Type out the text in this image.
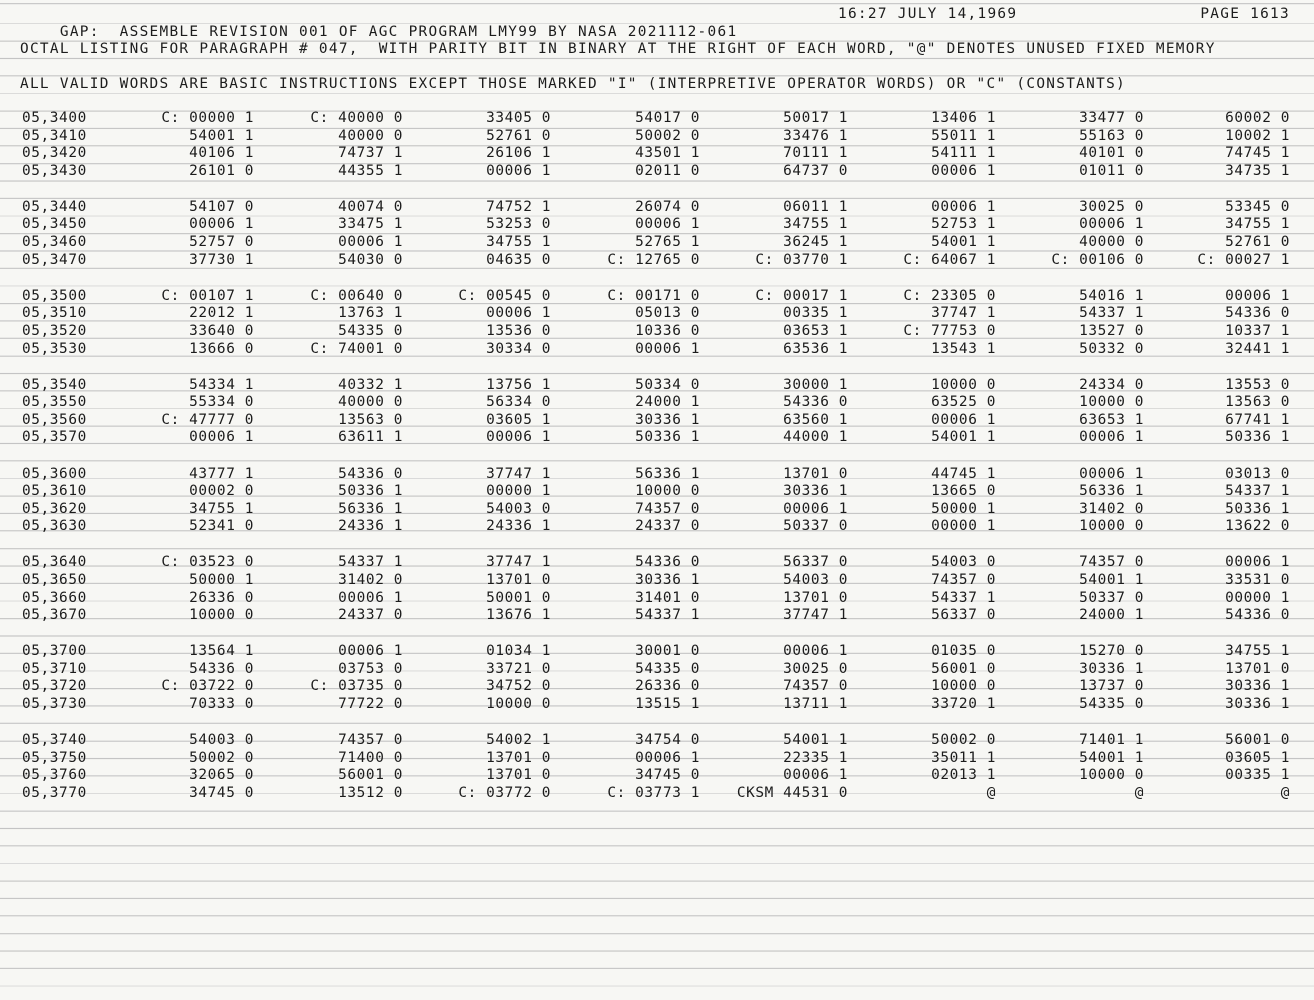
GAP:  ASSEMBLE REVISION 001 OF AGC PROGRAM LMY99 BY NASA 2021112-061

16:27 JULY 14,1969	PAGE 1613
OCTAL LISTING FOR PARAGRAPH # 047,  WITH PARITY BIT IN BINARY AT THE RIGHT OF EACH WORD, "@" DENOTES UNUSED FIXED MEMORY
ALL VALID WORDS ARE BASIC INSTRUCTIONS EXCEPT THOSE MARKED "I" (INTERPRETIVE OPERATOR WORDS) OR "C" (CONSTANTS)
05,3400	C: 00000 1	C: 40000 0	33405 0	54017 0	50017 1	13406 1	33477 0	60002 0
05,3410	54001 1	40000 0	52761 0	50002 0	33476 1	55011 1	55163 0	10002 1
05,3420	40106 1	74737 1	26106 1	43501 1	70111 1	54111 1	40101 0	74745 1
05,3430	26101 0	44355 1	00006 1	02011 0	64737 0	00006 1	01011 0	34735 1
05,3440	54107 0	40074 0	74752 1	26074 0	06011 1	00006 1	30025 0	53345 0
05,3450	00006 1	33475 1	53253 0	00006 1	34755 1	52753 1	00006 1	34755 1
05,3460	52757 0	00006 1	34755 1	52765 1	36245 1	54001 1	40000 0	52761 0
05,3470	37730 1	54030 0	04635 0	C: 12765 0	C: 03770 1	C: 64067 1	C: 00106 0	C: 00027 1
05,3500	C: 00107 1	C: 00640 0	C: 00545 0	C: 00171 0	C: 00017 1	C: 23305 0	54016 1	00006 1
05,3510	22012 1	13763 1	00006 1	05013 0	00335 1	37747 1	54337 1	54336 0
05,3520	33640 0	54335 0	13536 0	10336 0	03653 1	C: 77753 0	13527 0	10337 1
05,3530	13666 0	C: 74001 0	30334 0	00006 1	63536 1	13543 1	50332 0	32441 1
05,3540	54334 1	40332 1	13756 1	50334 0	30000 1	10000 0	24334 0	13553 0
05,3550	55334 0	40000 0	56334 0	24000 1	54336 0	63525 0	10000 0	13563 0
05,3560	C: 47777 0	13563 0	03605 1	30336 1	63560 1	00006 1	63653 1	67741 1
05,3570	00006 1	63611 1	00006 1	50336 1	44000 1	54001 1	00006 1	50336 1
05,3600	43777 1	54336 0	37747 1	56336 1	13701 0	44745 1	00006 1	03013 0
05,3610	00002 0	50336 1	00000 1	10000 0	30336 1	13665 0	56336 1	54337 1
05,3620	34755 1	56336 1	54003 0	74357 0	00006 1	50000 1	31402 0	50336 1
05,3630	52341 0	24336 1	24336 1	24337 0	50337 0	00000 1	10000 0	13622 0
05,3640	C: 03523 0	54337 1	37747 1	54336 0	56337 0	54003 0	74357 0	00006 1
05,3650	50000 1	31402 0	13701 0	30336 1	54003 0	74357 0	54001 1	33531 0
05,3660	26336 0	00006 1	50001 0	31401 0	13701 0	54337 1	50337 0	00000 1
05,3670	10000 0	24337 0	13676 1	54337 1	37747 1	56337 0	24000 1	54336 0
05,3700	13564 1	00006 1	01034 1	30001 0	00006 1	01035 0	15270 0	34755 1
05,3710	54336 0	03753 0	33721 0	54335 0	30025 0	56001 0	30336 1	13701 0
05,3720	C: 03722 0	C: 03735 0	34752 0	26336 0	74357 0	10000 0	13737 0	30336 1
05,3730	70333 0	77722 0	10000 0	13515 1	13711 1	33720 1	54335 0	30336 1
05,3740	54003 0	74357 0	54002 1	34754 0	54001 1	50002 0	71401 1	56001 0
05,3750	50002 0	71400 0	13701 0	00006 1	22335 1	35011 1	54001 1	03605 1
05,3760	32065 0	56001 0	13701 0	34745 0	00006 1	02013 1	10000 0	00335 1
05,3770	34745 0	13512 0	C: 03772 0	C: 03773 1	CKSM 44531 0	@	@	@
